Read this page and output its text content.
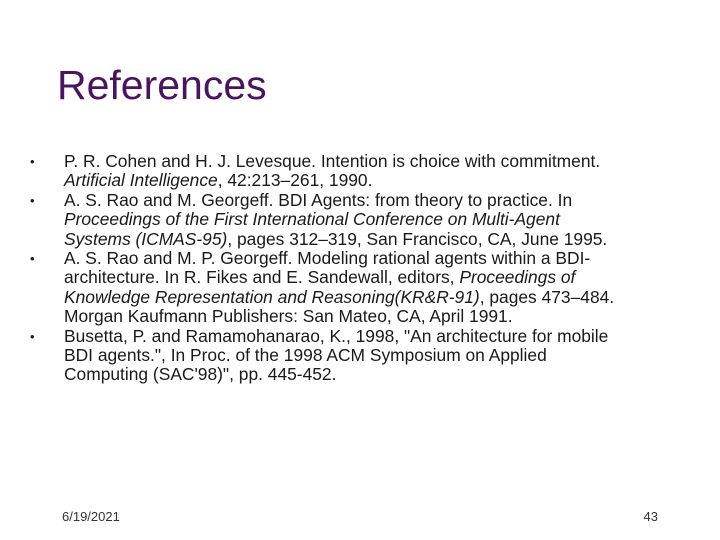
References
•	P. R. Cohen and H. J. Levesque. Intention is choice with commitment.
Artificial Intelligence, 42:213–261, 1990.
•	A. S. Rao and M. Georgeff. BDI Agents: from theory to practice. In
Proceedings of the First International Conference on Multi-Agent
Systems (ICMAS-95), pages 312–319, San Francisco, CA, June 1995.
•	A. S. Rao and M. P. Georgeff. Modeling rational agents within a BDI-
architecture. In R. Fikes and E. Sandewall, editors, Proceedings of
Knowledge Representation and Reasoning(KR&R-91), pages 473–484.
Morgan Kaufmann Publishers: San Mateo, CA, April 1991.
•	Busetta, P. and Ramamohanarao, K., 1998, "An architecture for mobile
BDI agents.", In Proc. of the 1998 ACM Symposium on Applied
Computing (SAC'98)", pp. 445-452.
6/19/2021	43
